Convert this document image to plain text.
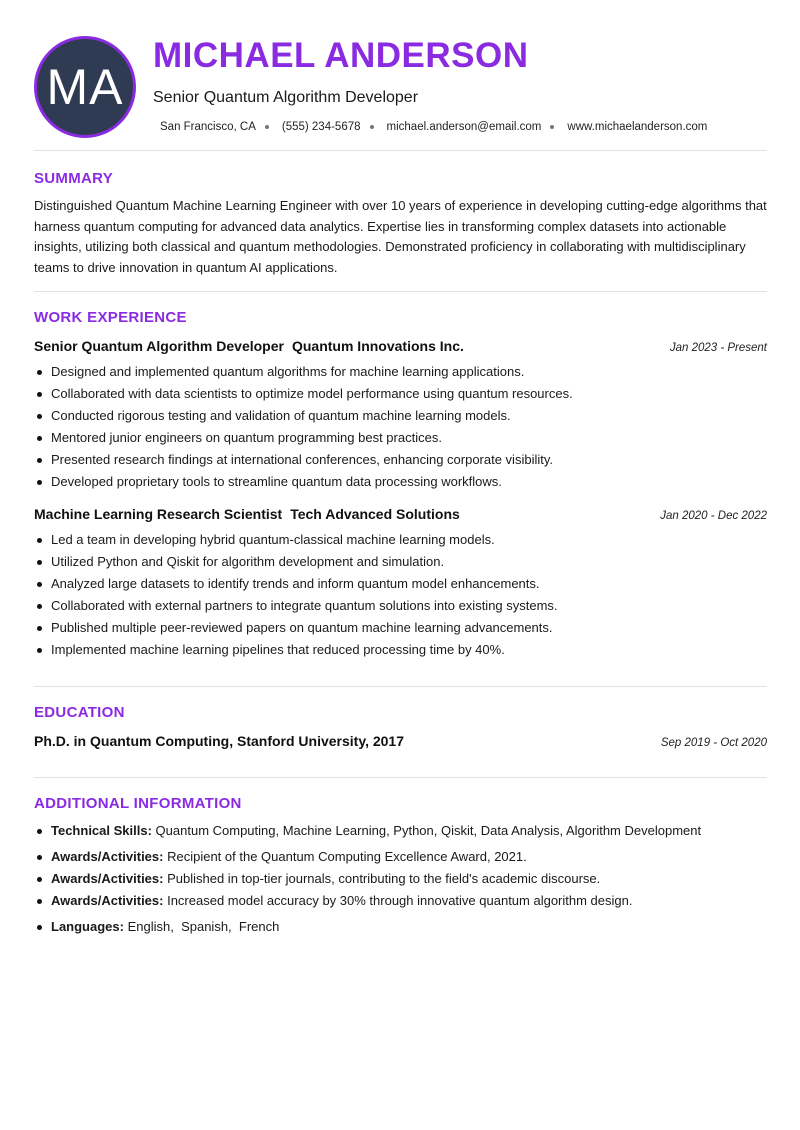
MA
MICHAEL ANDERSON
Senior Quantum Algorithm Developer
San Francisco, CA (555) 234-5678 michael.anderson@email.com www.michaelanderson.com
SUMMARY

Distinguished Quantum Machine Learning Engineer with over 10 years of experience in developing cutting-edge algorithms that harness quantum computing for advanced data analytics. Expertise lies in transforming complex datasets into actionable insights, utilizing both classical and quantum methodologies. Demonstrated proficiency in collaborating with multidisciplinary teams to drive innovation in quantum AI applications.

WORK EXPERIENCE
Senior Quantum Algorithm Developer Quantum Innovations Inc.	Jan 2023 - Present
Designed and implemented quantum algorithms for machine learning applications.
Collaborated with data scientists to optimize model performance using quantum resources.
Conducted rigorous testing and validation of quantum machine learning models.
Mentored junior engineers on quantum programming best practices.
Presented research findings at international conferences, enhancing corporate visibility.
Developed proprietary tools to streamline quantum data processing workflows.
Machine Learning Research Scientist Tech Advanced Solutions	Jan 2020 - Dec 2022
Led a team in developing hybrid quantum-classical machine learning models.
Utilized Python and Qiskit for algorithm development and simulation.
Analyzed large datasets to identify trends and inform quantum model enhancements.
Collaborated with external partners to integrate quantum solutions into existing systems.
Published multiple peer-reviewed papers on quantum machine learning advancements.
Implemented machine learning pipelines that reduced processing time by 40%.
EDUCATION
Ph.D. in Quantum Computing, Stanford University, 2017	Sep 2019 - Oct 2020
ADDITIONAL INFORMATION
Technical Skills: Quantum Computing, Machine Learning, Python, Qiskit, Data Analysis, Algorithm Development
Awards/Activities: Recipient of the Quantum Computing Excellence Award, 2021.
Awards/Activities: Published in top-tier journals, contributing to the field's academic discourse.
Awards/Activities: Increased model accuracy by 30% through innovative quantum algorithm design.
Languages: English,  Spanish,  French
